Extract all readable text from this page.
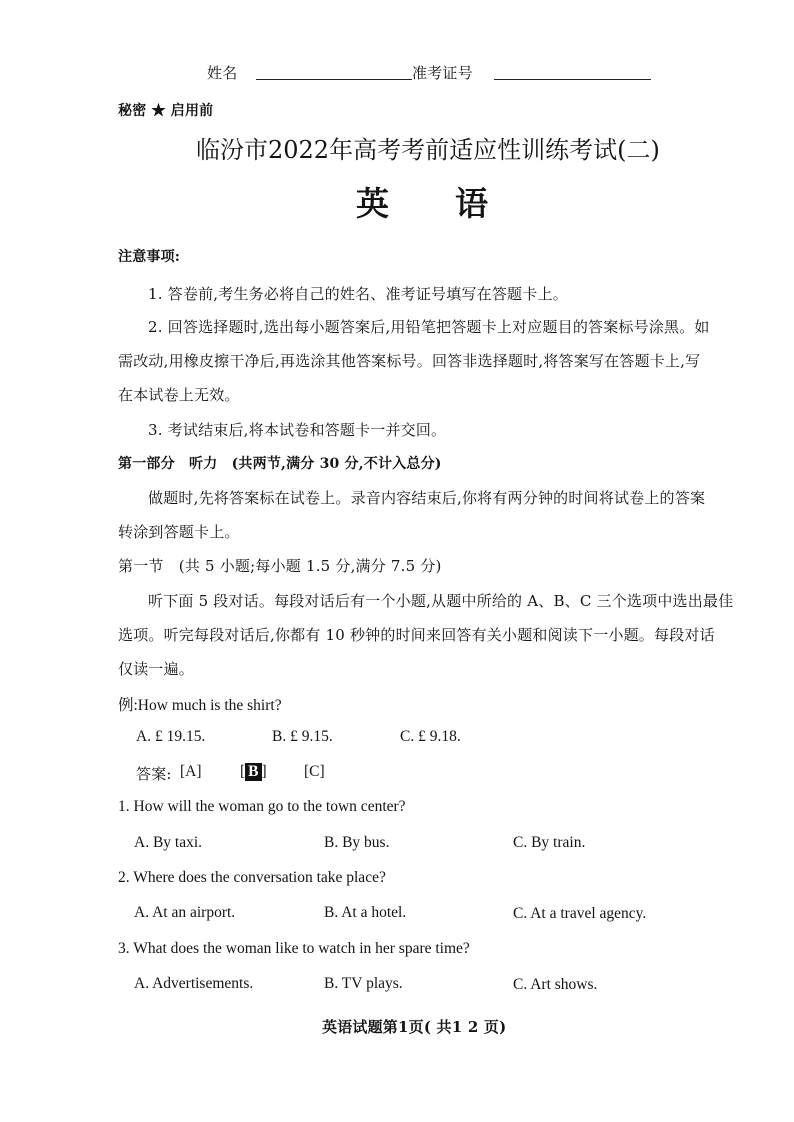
姓名	准考证号
秘密 ★ 启用前
临汾市2022年高考考前适应性训练考试(二)
英　　语
注意事项:
1. 答卷前,考生务必将自己的姓名、准考证号填写在答题卡上。
2. 回答选择题时,选出每小题答案后,用铅笔把答题卡上对应题目的答案标号涂黑。如
需改动,用橡皮擦干净后,再选涂其他答案标号。回答非选择题时,将答案写在答题卡上,写
在本试卷上无效。
3. 考试结束后,将本试卷和答题卡一并交回。
第一部分　听力　(共两节,满分 30 分,不计入总分)
做题时,先将答案标在试卷上。录音内容结束后,你将有两分钟的时间将试卷上的答案
转涂到答题卡上。
第一节　(共 5 小题;每小题 1.5 分,满分 7.5 分)
听下面 5 段对话。每段对话后有一个小题,从题中所给的 A、B、C 三个选项中选出最佳
选项。听完每段对话后,你都有 10 秒钟的时间来回答有关小题和阅读下一小题。每段对话
仅读一遍。
例:How much is the shirt?
A. £ 19.15.	B. £ 9.15.	C. £ 9.18.
答案: [A] [ B ] [C]
1. How will the woman go to the town center?
A. By taxi.	B. By bus.	C. By train.
2. Where does the conversation take place?
A. At an airport.	B. At a hotel.	C. At a travel agency.
3. What does the woman like to watch in her spare time?
A. Advertisements.	B. TV plays.	C. Art shows.
英语试题第1页( 共1 2 页)
